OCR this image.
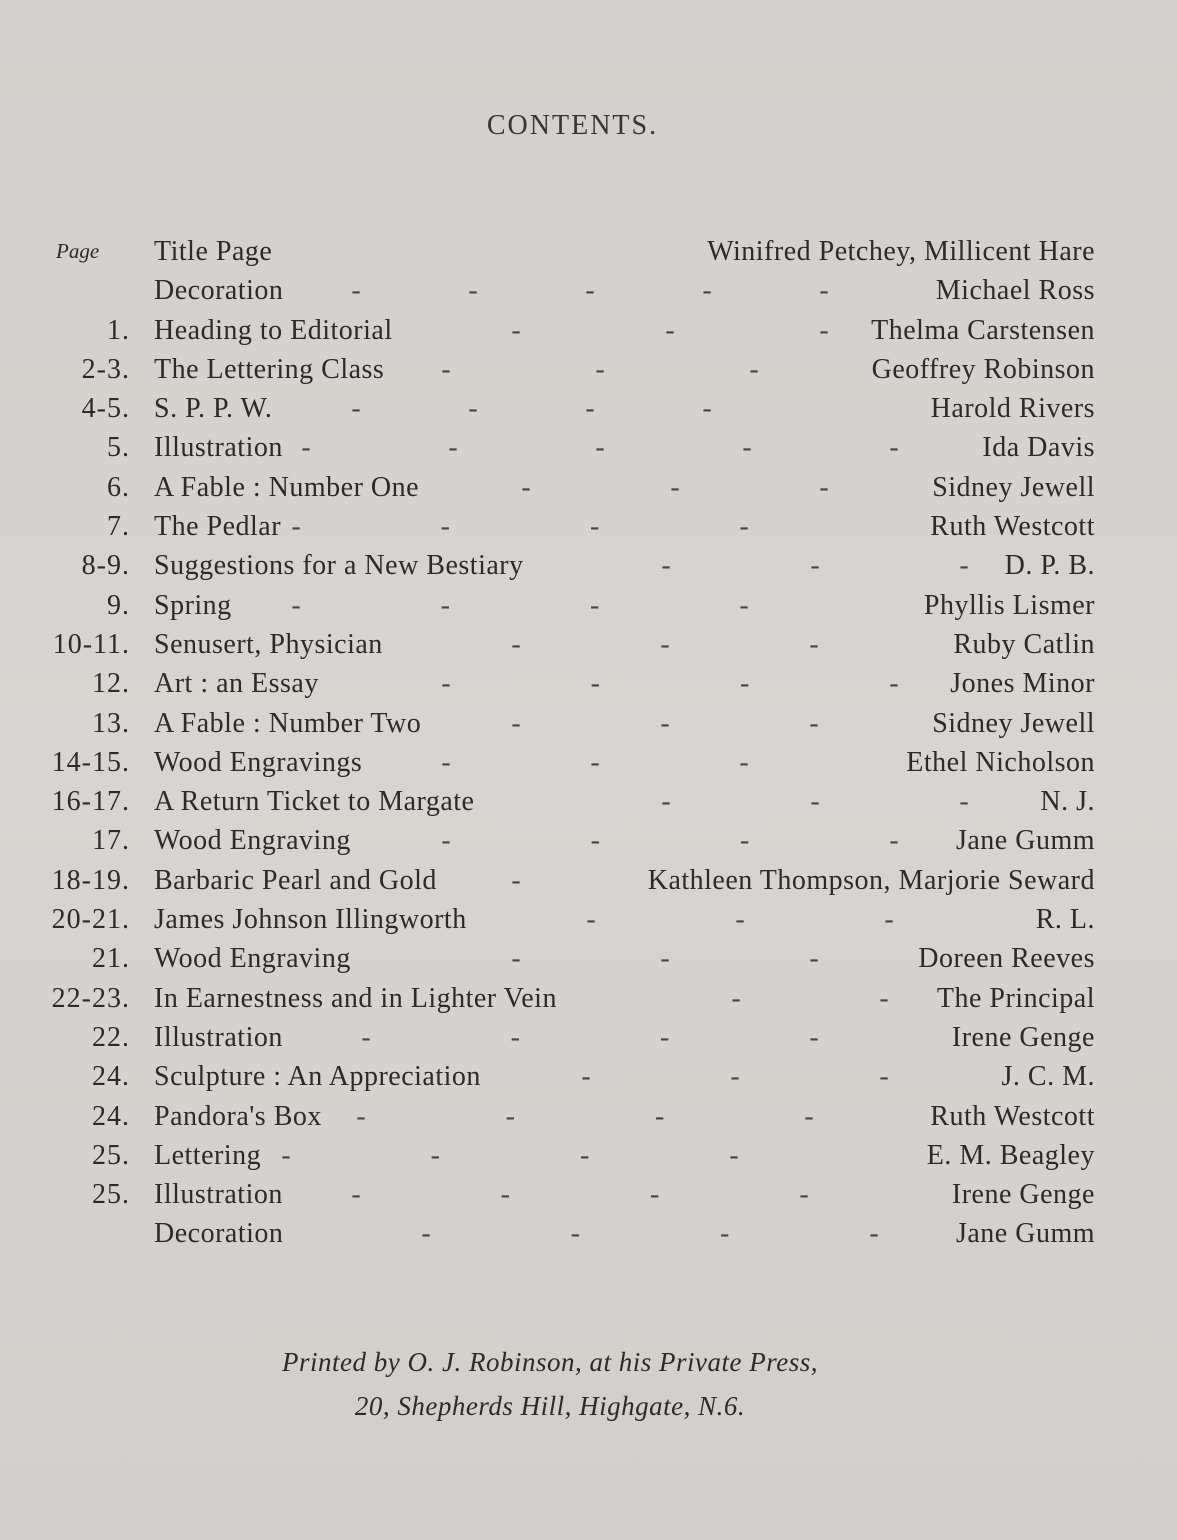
CONTENTS.
Page Title Page	Winifred Petchey, Millicent Hare
Decoration -	-	-	-	-	Michael Ross
1. Heading to Editorial	-	-	- Thelma Carstensen
2-3. The Lettering Class -	-	-	Geoffrey Robinson
4-5. S. P. P. W.	-	-	-	-	Harold Rivers
5. Illustration -	-	-	-	-	Ida Davis
6. A Fable : Number One	-	-	-	Sidney Jewell
7. The Pedlar -	-	-	-	Ruth Westcott
8-9. Suggestions for a New Bestiary	-	-	- D. P. B.
9. Spring -	-	-	-	Phyllis Lismer
10-11. Senusert, Physician	-	-	-	Ruby Catlin
12. Art : an Essay	-	-	-	- Jones Minor
13. A Fable : Number Two	-	-	-	Sidney Jewell
14-15. Wood Engravings	-	-	-	Ethel Nicholson
16-17. A Return Ticket to Margate	-	-	-	N. J.
17. Wood Engraving	-	-	-	- Jane Gumm
18-19. Barbaric Pearl and Gold	-	Kathleen Thompson, Marjorie Seward
20-21. James Johnson Illingworth	-	-	-	R. L.
21. Wood Engraving	-	-	-	Doreen Reeves
22-23. In Earnestness and in Lighter Vein	-	- The Principal
22. Illustration	-	-	-	-	Irene Genge
24. Sculpture : An Appreciation	-	-	-	J. C. M.
24. Pandora's Box -	-	-	-	Ruth Westcott
25. Lettering -	-	-	-	E. M. Beagley
25. Illustration -	-	-	-	Irene Genge
Decoration	-	-	-	-	Jane Gumm
Printed by O. J. Robinson, at his Private Press,
20, Shepherds Hill, Highgate, N.6.
